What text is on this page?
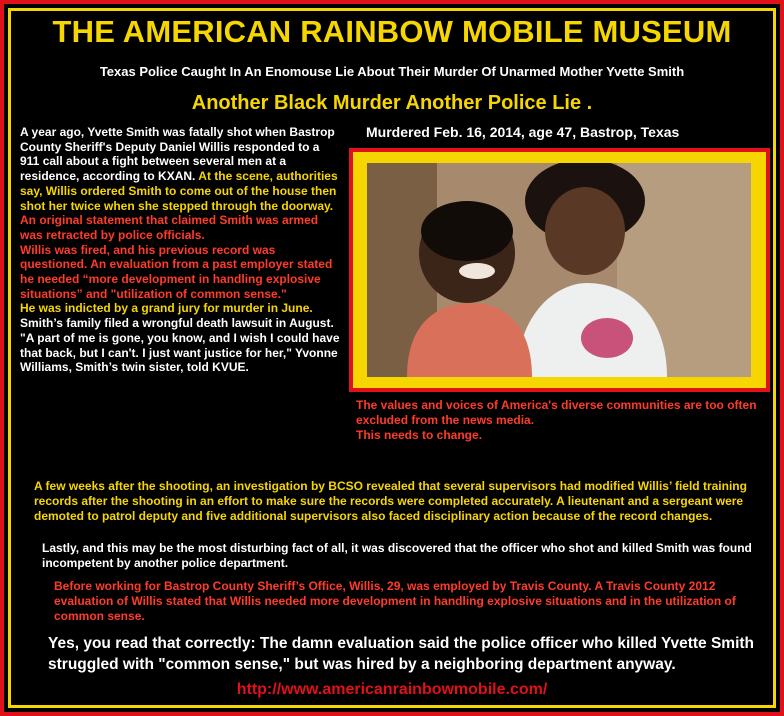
THE AMERICAN RAINBOW MOBILE MUSEUM
Texas Police Caught In An Enomouse Lie About Their Murder Of Unarmed Mother Yvette Smith
Another Black Murder Another Police Lie .

A year ago, Yvette Smith was fatally shot when Bastrop County Sheriff's Deputy Daniel Willis responded to a 911 call about a fight between several men at a residence, according to KXAN. At the scene, authorities say, Willis ordered Smith to come out of the house then shot her twice when she stepped through the doorway. An original statement that claimed Smith was armed was retracted by police officials.

Willis was fired, and his previous record was questioned. An evaluation from a past employer stated he needed “more development in handling explosive situations” and "utilization of common sense."

He was indicted by a grand jury for murder in June.

Smith’s family filed a wrongful death lawsuit in August.

"A part of me is gone, you know, and I wish I could have that back, but I can't. I just want justice for her," Yvonne Williams, Smith’s twin sister, told KVUE.

Murdered Feb. 16, 2014, age 47, Bastrop, Texas

The values and voices of America's diverse communities are too often excluded from the news media.

This needs to change.

A few weeks after the shooting, an investigation by BCSO revealed that several supervisors had modified Willis’ field training records after the shooting in an effort to make sure the records were completed accurately. A lieutenant and a sergeant were demoted to patrol deputy and five additional supervisors also faced disciplinary action because of the record changes.
Lastly, and this may be the most disturbing fact of all, it was discovered that the officer who shot and killed Smith was found incompetent by another police department.
Before working for Bastrop County Sheriff’s Office, Willis, 29, was employed by Travis County. A Travis County 2012 evaluation of Willis stated that Willis needed more development in handling explosive situations and in the utilization of common sense.
Yes, you read that correctly: The damn evaluation said the police officer who killed Yvette Smith struggled with "common sense," but was hired by a neighboring department anyway.
http://www.americanrainbowmobile.com/
